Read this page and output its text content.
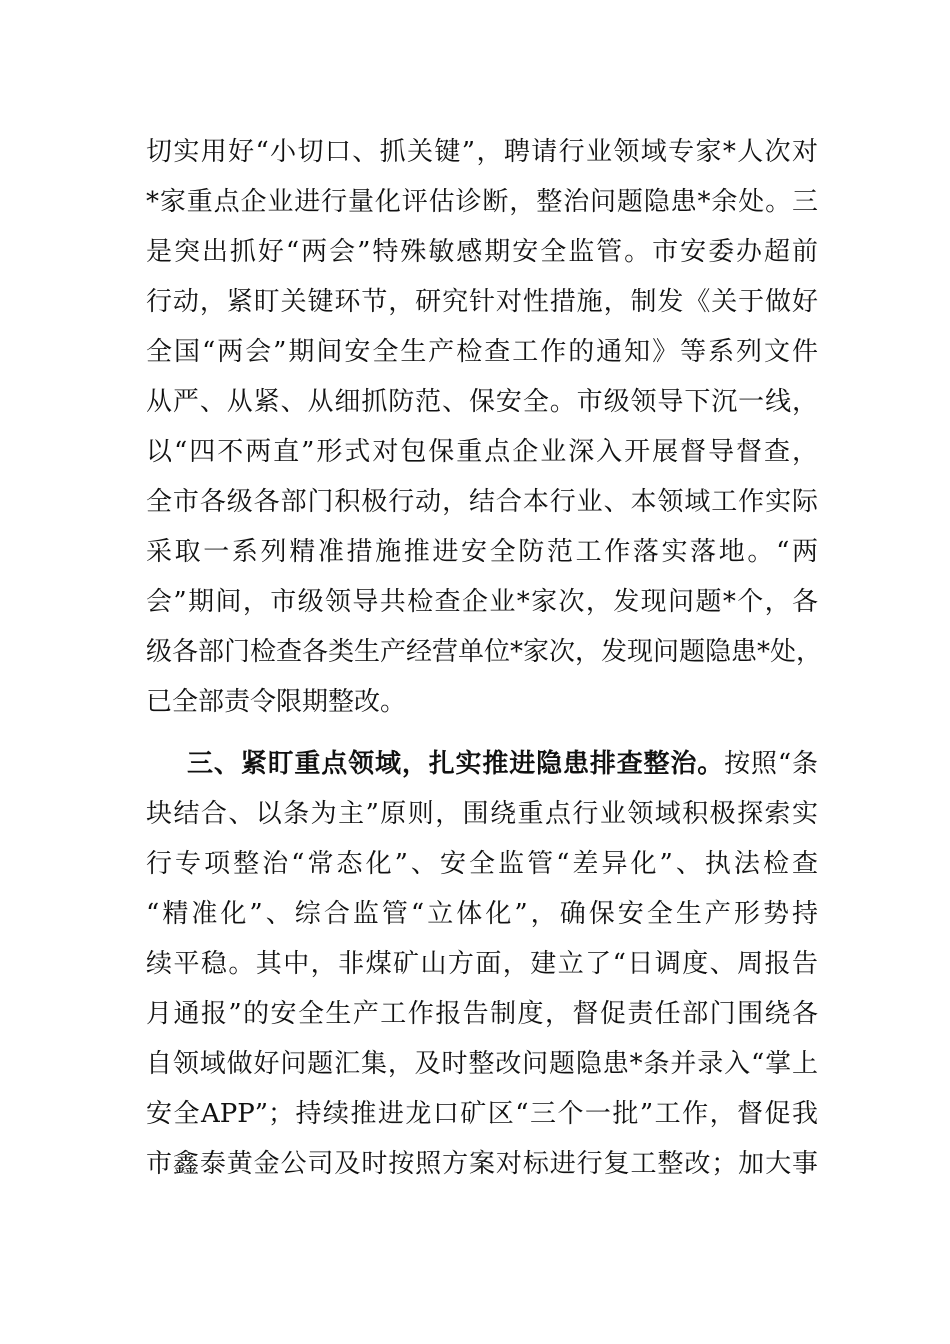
切实用好“小切口、抓关键”，聘请行业领域专家*人次对
*家重点企业进行量化评估诊断，整治问题隐患*余处。三
是突出抓好“两会”特殊敏感期安全监管。市安委办超前
行动，紧盯关键环节，研究针对性措施，制发《关于做好
全国“两会”期间安全生产检查工作的通知》等系列文件
从严、从紧、从细抓防范、保安全。市级领导下沉一线，
以“四不两直”形式对包保重点企业深入开展督导督查，
全市各级各部门积极行动，结合本行业、本领域工作实际
采取一系列精准措施推进安全防范工作落实落地。“两
会”期间，市级领导共检查企业*家次，发现问题*个，各
级各部门检查各类生产经营单位*家次，发现问题隐患*处，
已全部责令限期整改。
三、紧盯重点领域，扎实推进隐患排查整治。按照“条
块结合、以条为主”原则，围绕重点行业领域积极探索实
行专项整治“常态化”、安全监管“差异化”、执法检查
“精准化”、综合监管“立体化”，确保安全生产形势持
续平稳。其中，非煤矿山方面，建立了“日调度、周报告
月通报”的安全生产工作报告制度，督促责任部门围绕各
自领域做好问题汇集，及时整改问题隐患*条并录入“掌上
安全APP”；持续推进龙口矿区“三个一批”工作，督促我
市鑫泰黄金公司及时按照方案对标进行复工整改；加大事
